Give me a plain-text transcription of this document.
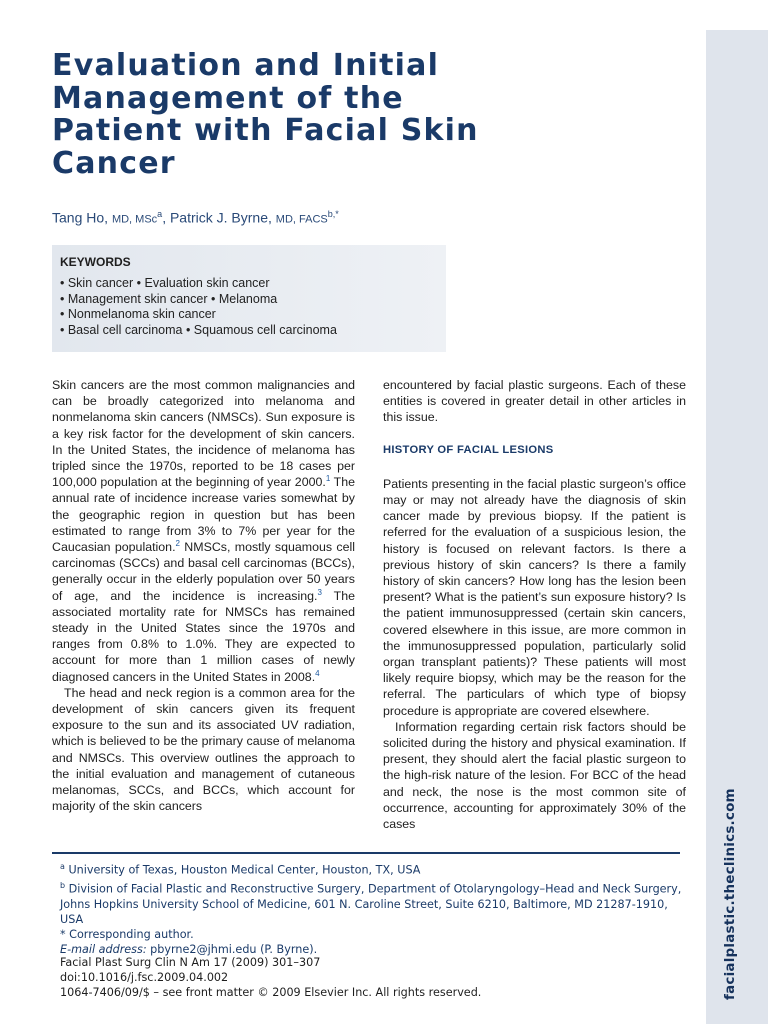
facialplastic.theclinics.com
Evaluation and Initial Management of the Patient with Facial Skin Cancer
Tang Ho, MD, MSc$^a$, Patrick J. Byrne, MD, $FACS^{b,*}$
KEYWORDS
• Skin cancer • Evaluation skin cancer
• Management skin cancer • Melanoma
• Nonmelanoma skin cancer
• Basal cell carcinoma • Squamous cell carcinoma

Skin cancers are the most common malignancies and can be broadly categorized into melanoma and nonmelanoma skin cancers (NMSCs). Sun exposure is a key risk factor for the development of skin cancers. In the United States, the incidence of melanoma has tripled since the 1970s, reported to be 18 cases per 100,000 population at the beginning of year 2000.$^1$ The annual rate of incidence increase varies somewhat by the geographic region in question but has been estimated to range from 3% to 7% per year for the Caucasian population.$^2$ NMSCs, mostly squamous cell carcinomas (SCCs) and basal cell carcinomas (BCCs), generally occur in the elderly population over 50 years of age, and the incidence is increasing.$^3$ The associated mortality rate for NMSCs has remained steady in the United States since the 1970s and ranges from 0.8% to 1.0%. They are expected to account for more than 1 million cases of newly diagnosed cancers in the United States in 2008.$^4$

The head and neck region is a common area for the development of skin cancers given its frequent exposure to the sun and its associated UV radiation, which is believed to be the primary cause of melanoma and NMSCs. This overview outlines the approach to the initial evaluation and management of cutaneous melanomas, SCCs, and BCCs, which account for majority of the skin cancers

encountered by facial plastic surgeons. Each of these entities is covered in greater detail in other articles in this issue.

HISTORY OF FACIAL LESIONS

Patients presenting in the facial plastic surgeon’s office may or may not already have the diagnosis of skin cancer made by previous biopsy. If the patient is referred for the evaluation of a suspicious lesion, the history is focused on relevant factors. Is there a previous history of skin cancers? Is there a family history of skin cancers? How long has the lesion been present? What is the patient’s sun exposure history? Is the patient immunosuppressed (certain skin cancers, covered elsewhere in this issue, are more common in the immunosuppressed population, particularly solid organ transplant patients)? These patients will most likely require biopsy, which may be the reason for the referral. The particulars of which type of biopsy procedure is appropriate are covered elsewhere.

Information regarding certain risk factors should be solicited during the history and physical examination. If present, they should alert the facial plastic surgeon to the high-risk nature of the lesion. For BCC of the head and neck, the nose is the most common site of occurrence, accounting for approximately 30% of the cases

$^a$ University of Texas, Houston Medical Center, Houston, TX, USA

$^b$ Division of Facial Plastic and Reconstructive Surgery, Department of Otolaryngology–Head and Neck Surgery, Johns Hopkins University School of Medicine, 601 N. Caroline Street, Suite 6210, Baltimore, MD 21287-1910, USA

* Corresponding author.

E-mail address: pbyrne2@jhmi.edu (P. Byrne).

Facial Plast Surg Clin N Am 17 (2009) 301–307
doi:10.1016/j.fsc.2009.04.002
1064-7406/09/$ – see front matter © 2009 Elsevier Inc. All rights reserved.
